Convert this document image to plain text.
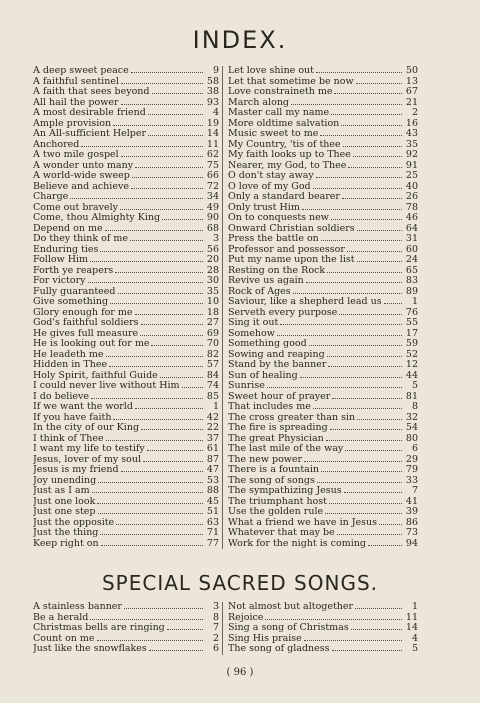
INDEX.
A deep sweet peace	9
A faithful sentinel	58
A faith that sees beyond	38
All hail the power	93
A most desirable friend	4
Ample provision	19
An All-sufficient Helper	14
Anchored	11
A two mile gospel	62
A wonder unto many	75
A world-wide sweep	66
Believe and achieve	72
Charge	34
Come out bravely	49
Come, thou Almighty King	90
Depend on me	68
Do they think of me	3
Enduring ties	56
Follow Him	20
Forth ye reapers	28
For victory	30
Fully guaranteed	35
Give something	10
Glory enough for me	18
God's faithful soldiers	27
He gives full measure	69
He is looking out for me	70
He leadeth me	82
Hidden in Thee	57
Holy Spirit, faithful Guide	84
I could never live without Him	74
I do believe	85
If we want the world	1
If you have faith	42
In the city of our King	22
I think of Thee	37
I want my life to testify	61
Jesus, lover of my soul	87
Jesus is my friend	47
Joy unending	53
Just as I am	88
Just one look	45
Just one step	51
Just the opposite	63
Just the thing	71
Keep right on	77
Let love shine out	50
Let that sometime be now	13
Love constraineth me	67
March along	21
Master call my name	2
More oldtime salvation	16
Music sweet to me	43
My Country, 'tis of thee	35
My faith looks up to Thee	92
Nearer, my God, to Thee	91
O don't stay away	25
O love of my God	40
Only a standard bearer	26
Only trust Him	78
On to conquests new	46
Onward Christian soldiers	64
Press the battle on	31
Professor and possessor	60
Put my name upon the list	24
Resting on the Rock	65
Revive us again	83
Rock of Ages	89
Saviour, like a shepherd lead us	1
Serveth every purpose	76
Sing it out	55
Somehow	17
Something good	59
Sowing and reaping	52
Stand by the banner	12
Sun of healing	44
Sunrise	5
Sweet hour of prayer	81
That includes me	8
The cross greater than sin	32
The fire is spreading	54
The great Physician	80
The last mile of the way	6
The new power	29
There is a fountain	79
The song of songs	33
The sympathizing Jesus	7
The triumphant host	41
Use the golden rule	39
What a friend we have in Jesus	86
Whatever that may be	73
Work for the night is coming	94
SPECIAL SACRED SONGS.
A stainless banner	3
Be a herald	8
Christmas bells are ringing	7
Count on me	2
Just like the snowflakes	6
Not almost but altogether	1
Rejoice	11
Sing a song of Christmas	14
Sing His praise	4
The song of gladness	5
( 96 )
